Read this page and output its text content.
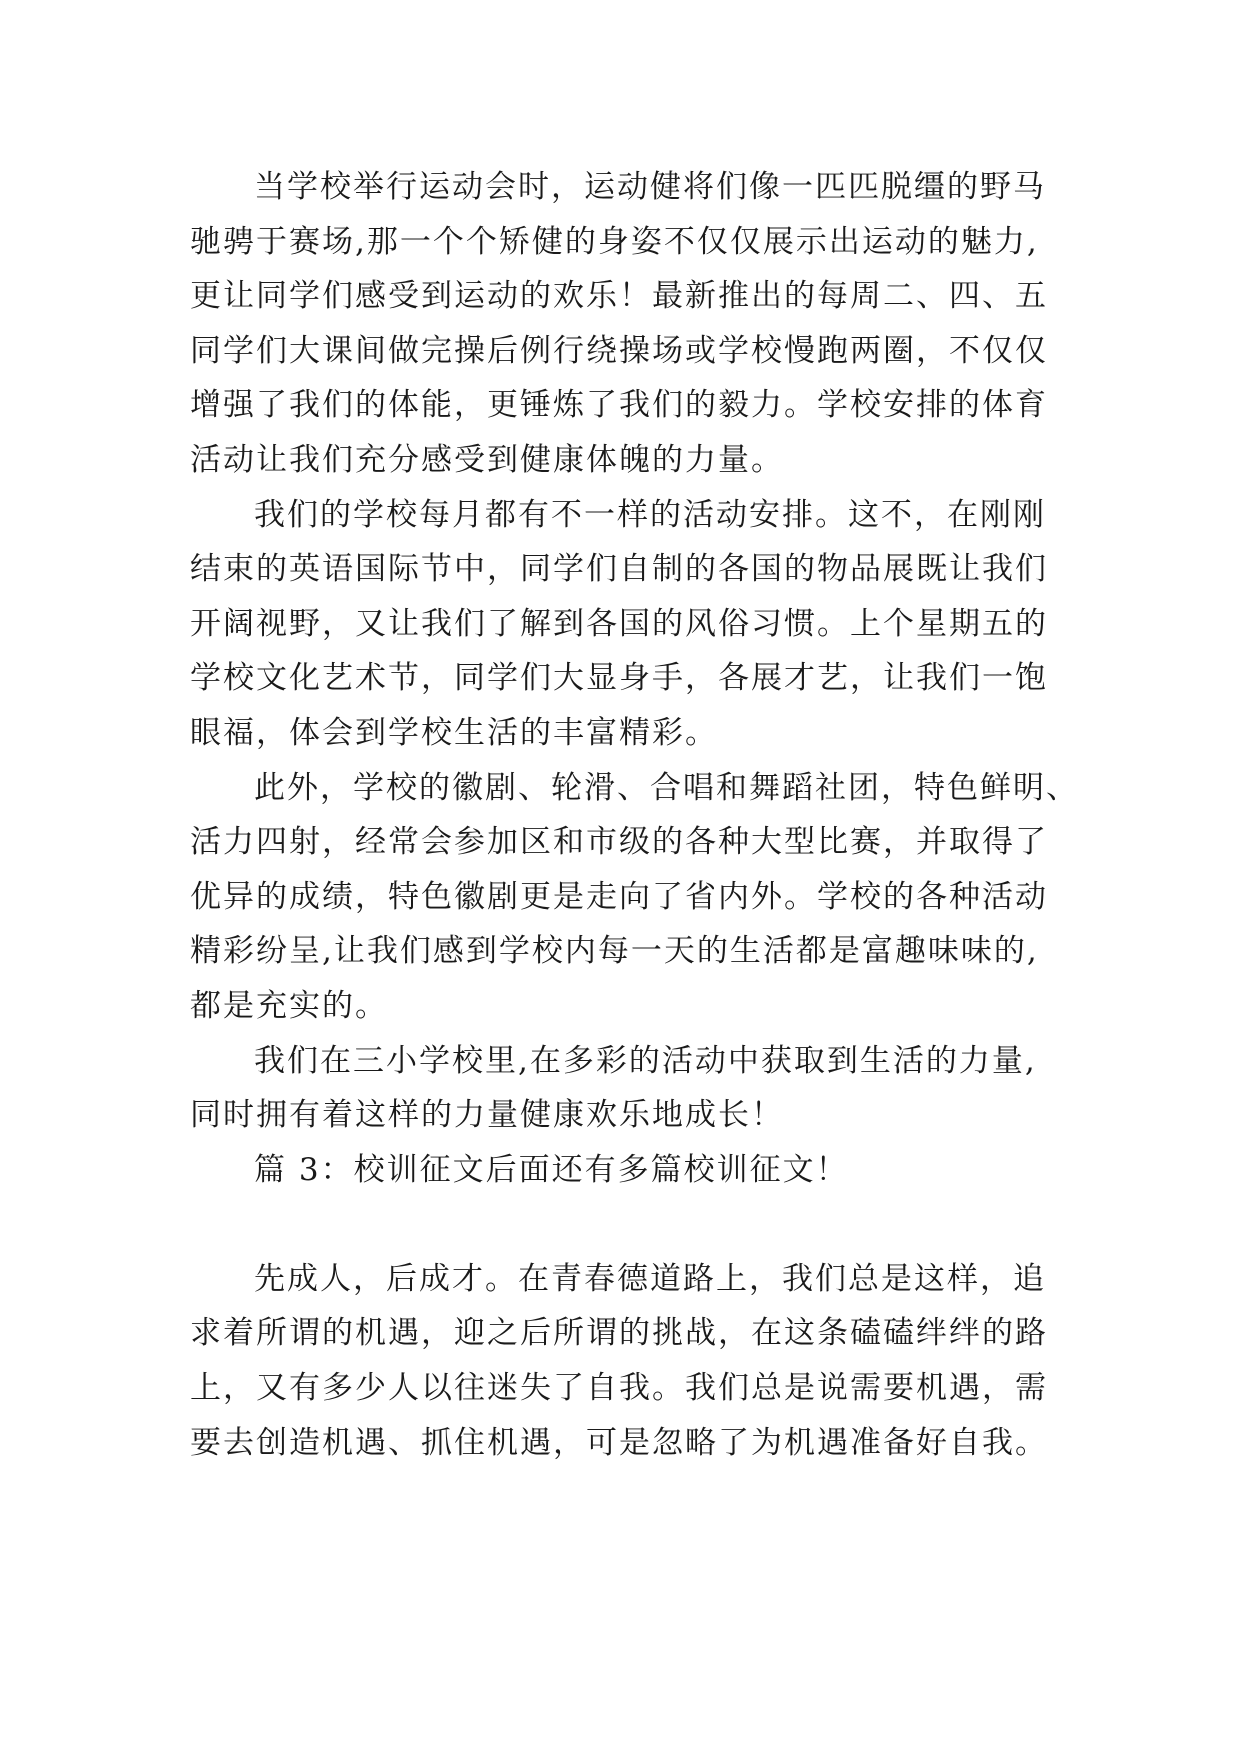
当学校举行运动会时，运动健将们像一匹匹脱缰的野马
驰骋于赛场,那一个个矫健的身姿不仅仅展示出运动的魅力,
更让同学们感受到运动的欢乐！最新推出的每周二、四、五
同学们大课间做完操后例行绕操场或学校慢跑两圈，不仅仅
增强了我们的体能，更锤炼了我们的毅力。学校安排的体育
活动让我们充分感受到健康体魄的力量。
我们的学校每月都有不一样的活动安排。这不，在刚刚
结束的英语国际节中，同学们自制的各国的物品展既让我们
开阔视野，又让我们了解到各国的风俗习惯。上个星期五的
学校文化艺术节，同学们大显身手，各展才艺，让我们一饱
眼福，体会到学校生活的丰富精彩。
此外，学校的徽剧、轮滑、合唱和舞蹈社团，特色鲜明、
活力四射，经常会参加区和市级的各种大型比赛，并取得了
优异的成绩，特色徽剧更是走向了省内外。学校的各种活动
精彩纷呈,让我们感到学校内每一天的生活都是富趣味味的,
都是充实的。
我们在三小学校里,在多彩的活动中获取到生活的力量,
同时拥有着这样的力量健康欢乐地成长！
篇 3：校训征文后面还有多篇校训征文！
先成人，后成才。在青春德道路上，我们总是这样，追
求着所谓的机遇，迎之后所谓的挑战，在这条磕磕绊绊的路
上，又有多少人以往迷失了自我。我们总是说需要机遇，需
要去创造机遇、抓住机遇，可是忽略了为机遇准备好自我。
